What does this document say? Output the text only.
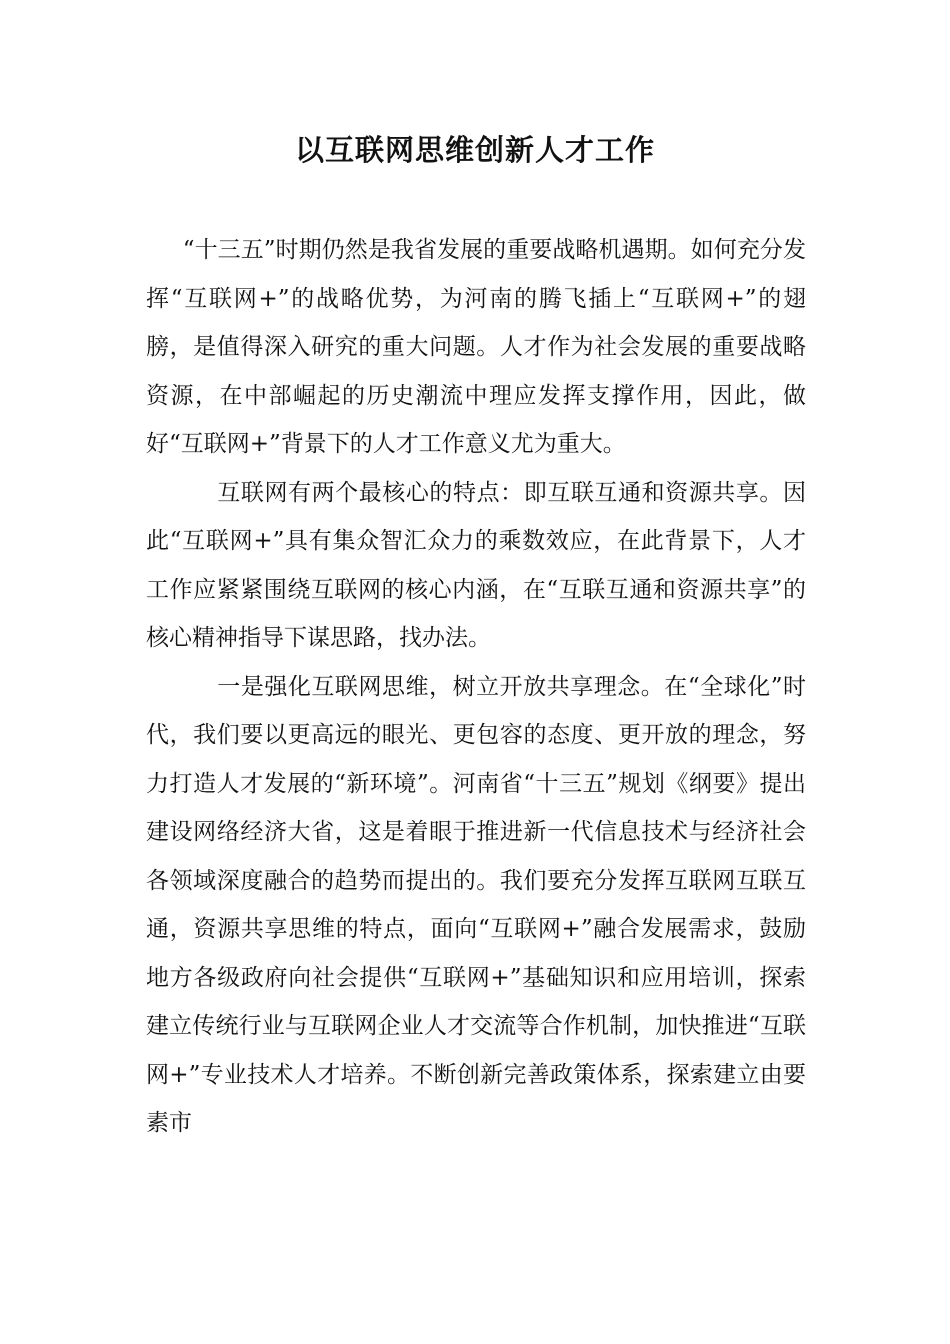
以互联网思维创新人才工作

“十三五”时期仍然是我省发展的重要战略机遇期。如何充分发挥“互联网+”的战略优势，为河南的腾飞插上“互联网+”的翅膀，是值得深入研究的重大问题。人才作为社会发展的重要战略资源，在中部崛起的历史潮流中理应发挥支撑作用，因此，做好“互联网+”背景下的人才工作意义尤为重大。

互联网有两个最核心的特点：即互联互通和资源共享。因此“互联网+”具有集众智汇众力的乘数效应，在此背景下，人才工作应紧紧围绕互联网的核心内涵，在“互联互通和资源共享”的核心精神指导下谋思路，找办法。

一是强化互联网思维，树立开放共享理念。在“全球化”时代，我们要以更高远的眼光、更包容的态度、更开放的理念，努力打造人才发展的“新环境”。河南省“十三五”规划《纲要》提出建设网络经济大省，这是着眼于推进新一代信息技术与经济社会各领域深度融合的趋势而提出的。我们要充分发挥互联网互联互通，资源共享思维的特点，面向“互联网+”融合发展需求，鼓励地方各级政府向社会提供“互联网+”基础知识和应用培训，探索建立传统行业与互联网企业人才交流等合作机制，加快推进“互联网+”专业技术人才培养。不断创新完善政策体系，探索建立由要素市
